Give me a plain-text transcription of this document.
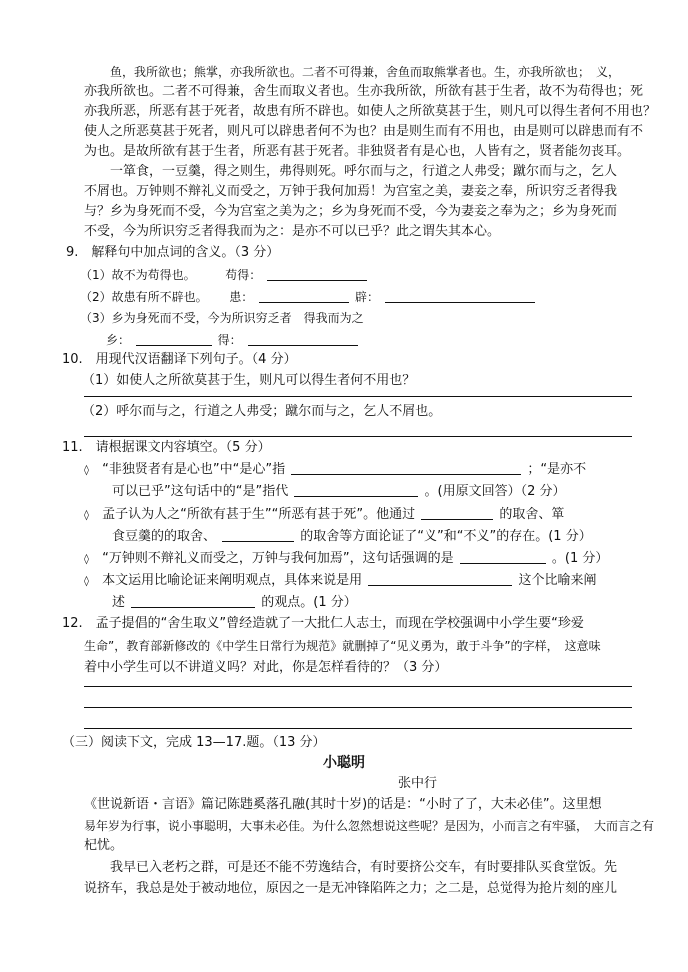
鱼，我所欲也；熊掌，亦我所欲也。二者不可得兼，舍鱼而取熊掌者也。生，亦我所欲也；　义，
亦我所欲也。二者不可得兼，舍生而取义者也。生亦我所欲，所欲有甚于生者，故不为苟得也；死
亦我所恶，所恶有甚于死者，故患有所不辟也。如使人之所欲莫甚于生，则凡可以得生者何不用也？
使人之所恶莫甚于死者，则凡可以辟患者何不为也？由是则生而有不用也，由是则可以辟患而有不
为也。是故所欲有甚于生者，所恶有甚于死者。非独贤者有是心也，人皆有之，贤者能勿丧耳。
一箪食，一豆羹，得之则生，弗得则死。呼尔而与之，行道之人弗受；蹴尔而与之，乞人
不屑也。万钟则不辩礼义而受之，万钟于我何加焉！为宫室之美，妻妾之奉，所识穷乏者得我
与？乡为身死而不受，今为宫室之美为之；乡为身死而不受，今为妻妾之奉为之；乡为身死而
不受，今为所识穷乏者得我而为之：是亦不可以已乎？此之谓失其本心。
9.　解释句中加点词的含义。（3 分）
（1）故不为苟得也。 苟得：
（2）故患有所不辟也。 患：	辟：
（3）乡为身死而不受，今为所识穷乏者　得我而为之
乡：	得：
10.　用现代汉语翻译下列句子。（4 分）
（1）如使人之所欲莫甚于生，则凡可以得生者何不用也？
（2）呼尔而与之，行道之人弗受；蹴尔而与之，乞人不屑也。
11.　请根据课文内容填空。（5 分）
◊ “非独贤者有是心也”中“是心”指	；“是亦不
可以已乎”这句话中的“是”指代	。(用原文回答）（2 分）
◊ 孟子认为人之“所欲有甚于生”“所恶有甚于死”。他通过	的取舍、箪
食豆羹的的取舍、	的取舍等方面论证了“义”和“不义”的存在。(1 分）
◊ “万钟则不辩礼义而受之，万钟与我何加焉”，这句话强调的是	。(1 分）
◊ 本文运用比喻论证来阐明观点，具体来说是用	这个比喻来阐
述	的观点。(1 分）
12.　孟子提倡的“舍生取义”曾经造就了一大批仁人志士，而现在学校强调中小学生要“珍爱
生命”，教育部新修改的《中学生日常行为规范》就删掉了“见义勇为，敢于斗争”的字样，　这意味
着中小学生可以不讲道义吗？对此，你是怎样看待的？（3 分）
（三）阅读下文，完成 13—17.题。（13 分）
小聪明
张中行
《世说新语・言语》篇记陈韪奚落孔融(其时十岁)的话是：“小时了了，大未必佳”。这里想
易年岁为行事，说小事聪明，大事未必佳。为什么忽然想说这些呢？是因为，小而言之有牢骚，　大而言之有
杞忧。
我早已入老朽之群，可是还不能不劳逸结合，有时要挤公交车，有时要排队买食堂饭。先
说挤车，我总是处于被动地位，原因之一是无冲锋陷阵之力；之二是，总觉得为抢片刻的座儿
